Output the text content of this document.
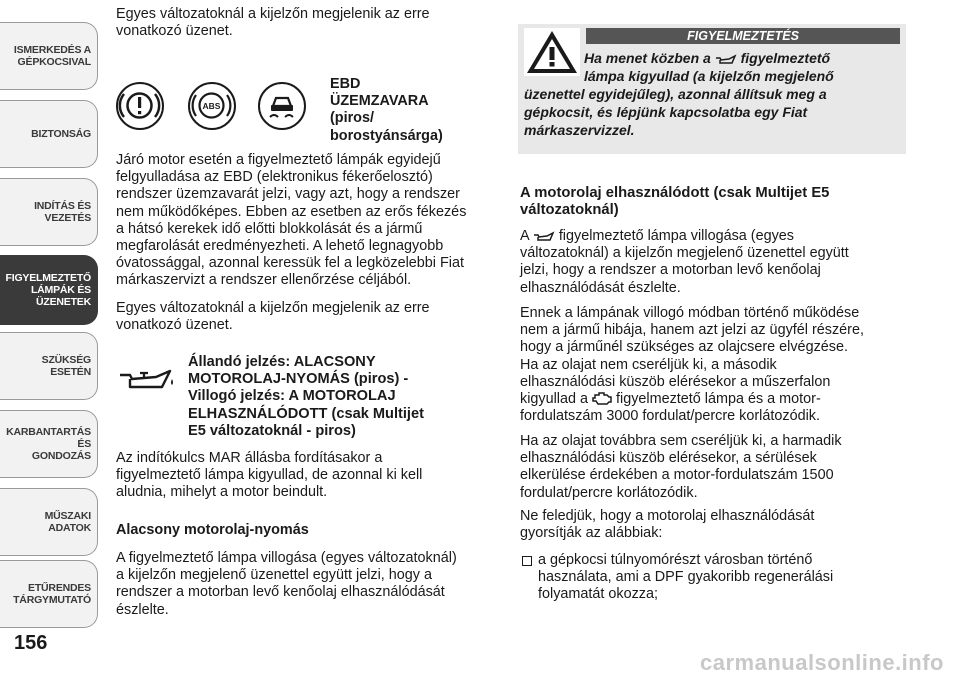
ISMERKEDÉS A
GÉPKOCSIVAL
BIZTONSÁG
INDÍTÁS ÉS VEZETÉS
FIGYELMEZTETŐ
LÁMPÁK ÉS
ÜZENETEK
SZÜKSÉG ESETÉN
KARBANTARTÁS ÉS
GONDOZÁS
MŰSZAKI ADATOK
ETŰRENDES
TÁRGYMUTATÓ
156

Egyes változatoknál a kijelzőn megjelenik az erre

vonatkozó üzenet.

ABS

EBD

ÜZEMZAVARA

(piros/

borostyánsárga)

Járó motor esetén a figyelmeztető lámpák egyidejű

felgyulladása az EBD (elektronikus fékerőelosztó)

rendszer üzemzavarát jelzi, vagy azt, hogy a rendszer

nem működőképes. Ebben az esetben az erős fékezés

a hátsó kerekek idő előtti blokkolását és a jármű

megfarolását eredményezheti. A lehető legnagyobb

óvatossággal, azonnal keressük fel a legközelebbi Fiat

márkaszervizt a rendszer ellenőrzése céljából.

Egyes változatoknál a kijelzőn megjelenik az erre

vonatkozó üzenet.

Állandó jelzés: ALACSONY

MOTOROLAJ-NYOMÁS (piros) -

Villogó jelzés: A MOTOROLAJ

ELHASZNÁLÓDOTT (csak Multijet

E5 változatoknál - piros)

Az indítókulcs MAR állásba fordításakor a

figyelmeztető lámpa kigyullad, de azonnal ki kell

aludnia, mihelyt a motor beindult.

Alacsony motorolaj-nyomás

A figyelmeztető lámpa villogása (egyes változatoknál)

a kijelzőn megjelenő üzenettel együtt jelzi, hogy a

rendszer a motorban levő kenőolaj elhasználódását

észlelte.

FIGYELMEZTETÉS
Ha menet közben a figyelmeztető
lámpa kigyullad (a kijelzőn megjelenő
üzenettel egyidejűleg), azonnal állítsuk meg a
gépkocsit, és lépjünk kapcsolatba egy Fiat
márkaszervizzel.

A motorolaj elhasználódott (csak Multijet E5

változatoknál)

A figyelmeztető lámpa villogása (egyes

változatoknál) a kijelzőn megjelenő üzenettel együtt

jelzi, hogy a rendszer a motorban levő kenőolaj

elhasználódását észlelte.

Ennek a lámpának villogó módban történő működése

nem a jármű hibája, hanem azt jelzi az ügyfél részére,

hogy a járműnél szükséges az olajcsere elvégzése.

Ha az olajat nem cseréljük ki, a második

elhasználódási küszöb elérésekor a műszerfalon

kigyullad a figyelmeztető lámpa és a motor-

fordulatszám 3000 fordulat/percre korlátozódik.

Ha az olajat továbbra sem cseréljük ki, a harmadik

elhasználódási küszöb elérésekor, a sérülések

elkerülése érdekében a motor-fordulatszám 1500

fordulat/percre korlátozódik.

Ne feledjük, hogy a motorolaj elhasználódását

gyorsítják az alábbiak:

a gépkocsi túlnyomórészt városban történő

használata, ami a DPF gyakoribb regenerálási

folyamatát okozza;

carmanualsonline.info
